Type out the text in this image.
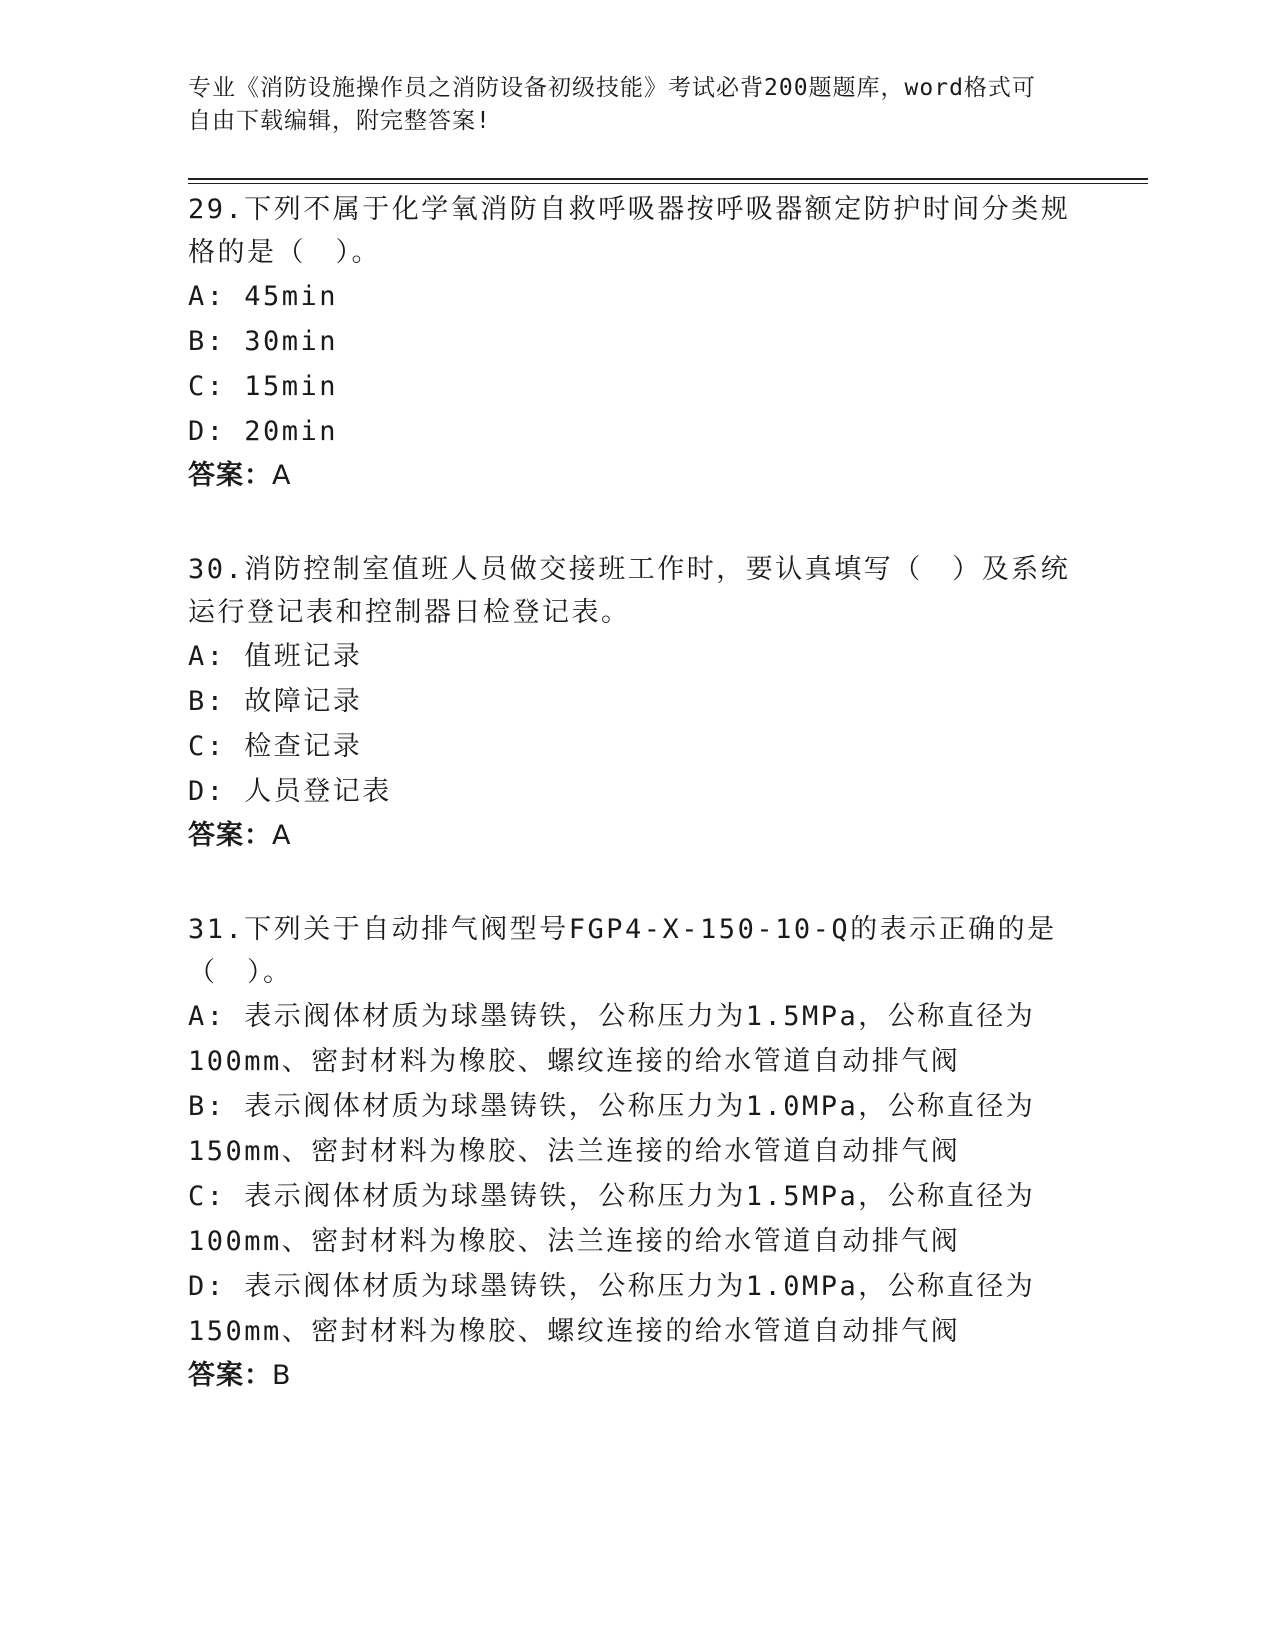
专业《消防设施操作员之消防设备初级技能》考试必背200题题库，word格式可
自由下载编辑，附完整答案!

29.下列不属于化学氧消防自救呼吸器按呼吸器额定防护时间分类规格的是（　）。

A: 45min

B: 30min

C: 15min

D: 20min

答案：A

30.消防控制室值班人员做交接班工作时，要认真填写（　）及系统运行登记表和控制器日检登记表。

A: 值班记录

B: 故障记录

C: 检查记录

D: 人员登记表

答案：A

31.下列关于自动排气阀型号FGP4-X-150-10-Q的表示正确的是（　）。

A: 表示阀体材质为球墨铸铁，公称压力为1.5MPa，公称直径为100mm、密封材料为橡胶、螺纹连接的给水管道自动排气阀

B: 表示阀体材质为球墨铸铁，公称压力为1.0MPa，公称直径为150mm、密封材料为橡胶、法兰连接的给水管道自动排气阀

C: 表示阀体材质为球墨铸铁，公称压力为1.5MPa，公称直径为100mm、密封材料为橡胶、法兰连接的给水管道自动排气阀

D: 表示阀体材质为球墨铸铁，公称压力为1.0MPa，公称直径为150mm、密封材料为橡胶、螺纹连接的给水管道自动排气阀

答案：B
